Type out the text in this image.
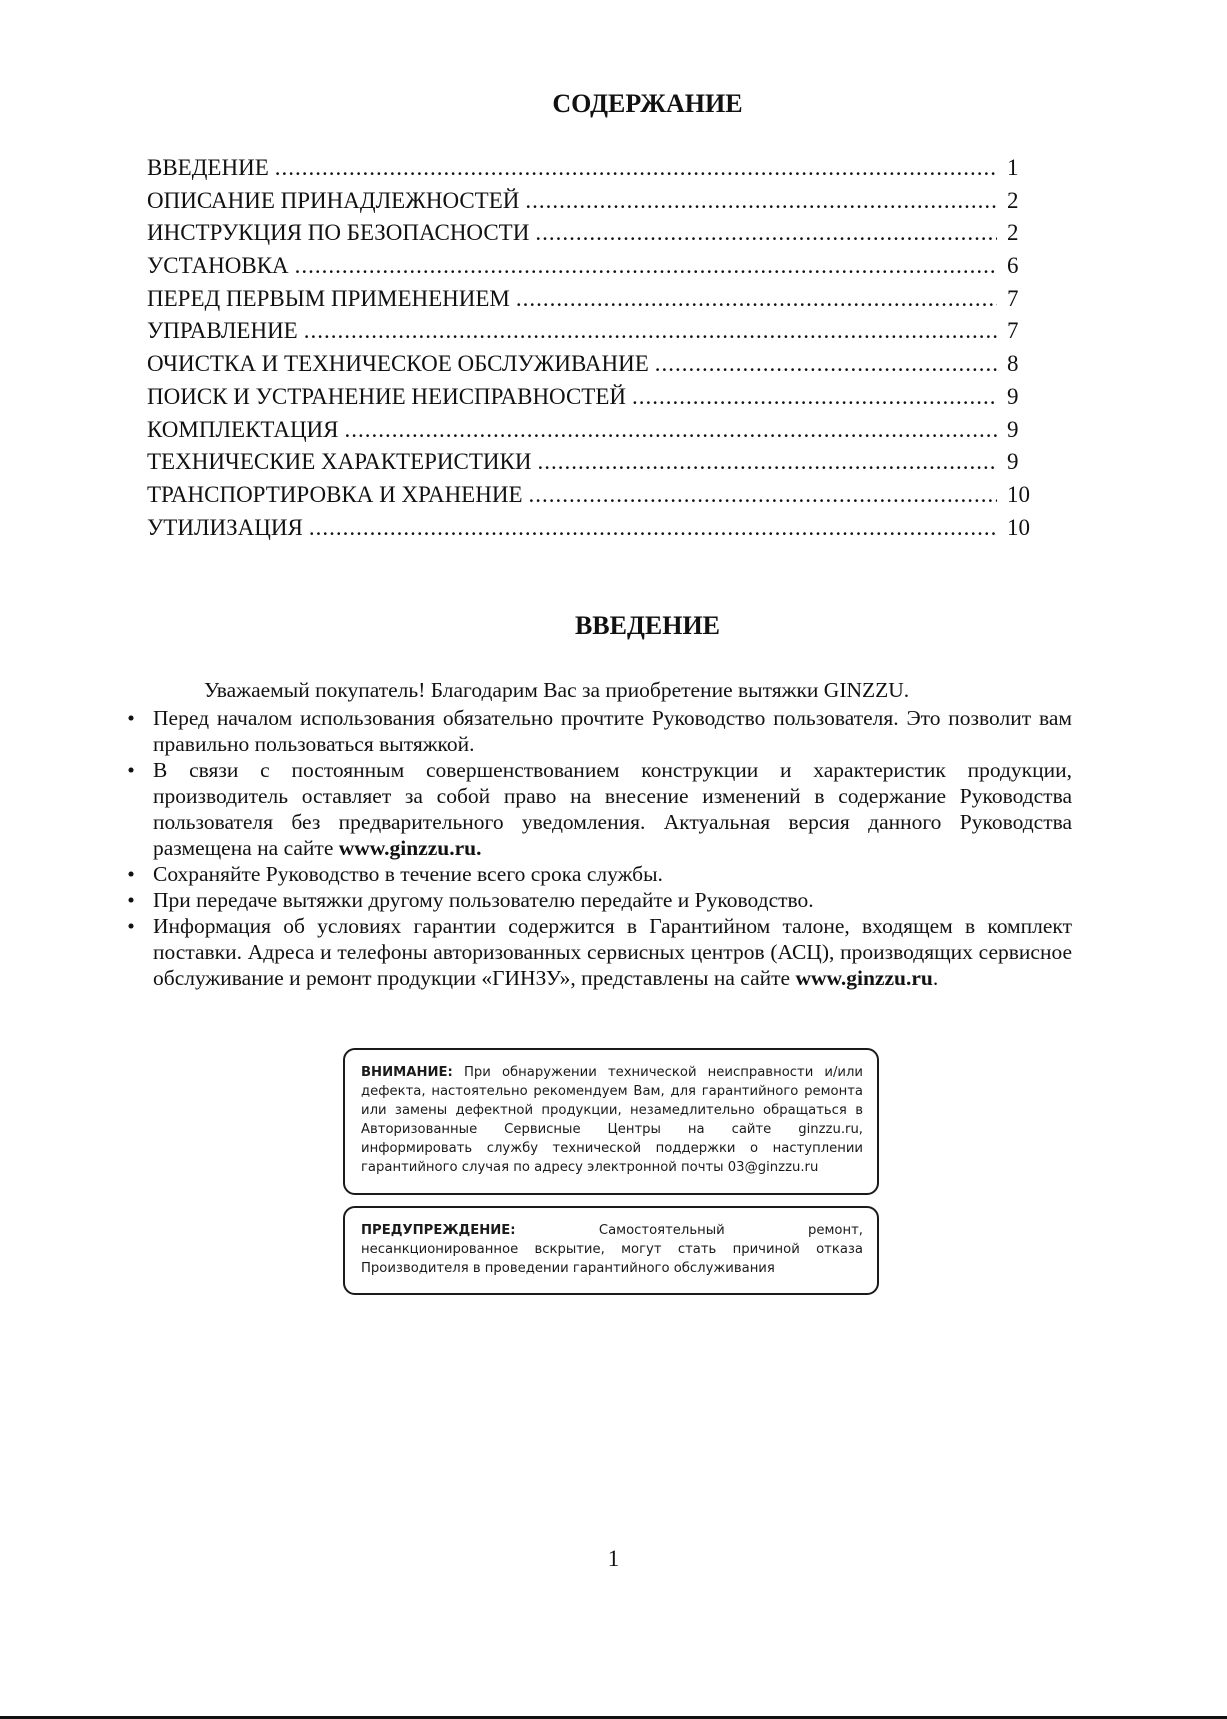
СОДЕРЖАНИЕ
ВВЕДЕНИЕ .....	1
ОПИСАНИЕ ПРИНАДЛЕЖНОСТЕЙ .....	2
ИНСТРУКЦИЯ ПО БЕЗОПАСНОСТИ .....	2
УСТАНОВКА .....	6
ПЕРЕД ПЕРВЫМ ПРИМЕНЕНИЕМ .....	7
УПРАВЛЕНИЕ .....	7
ОЧИСТКА И ТЕХНИЧЕСКОЕ ОБСЛУЖИВАНИЕ .....	8
ПОИСК И УСТРАНЕНИЕ НЕИСПРАВНОСТЕЙ .....	9
КОМПЛЕКТАЦИЯ .....	9
ТЕХНИЧЕСКИЕ ХАРАКТЕРИСТИКИ .....	9
ТРАНСПОРТИРОВКА И ХРАНЕНИЕ .....	10
УТИЛИЗАЦИЯ .....	10
ВВЕДЕНИЕ

Уважаемый покупатель! Благодарим Вас за приобретение вытяжки GINZZU.

• Перед началом использования обязательно прочтите Руководство пользователя. Это позволит вам правильно пользоваться вытяжкой.
• В связи с постоянным совершенствованием конструкции и характеристик продукции, производитель оставляет за собой право на внесение изменений в содержание Руководства пользователя без предварительного уведомления. Актуальная версия данного Руководства размещена на сайте www.ginzzu.ru.
• Сохраняйте Руководство в течение всего срока службы.
• При передаче вытяжки другому пользователю передайте и Руководство.
• Информация об условиях гарантии содержится в Гарантийном талоне, входящем в комплект поставки. Адреса и телефоны авторизованных сервисных центров (АСЦ), производящих сервисное обслуживание и ремонт продукции «ГИНЗУ», представлены на сайте www.ginzzu.ru.
ВНИМАНИЕ: При обнаружении технической неисправности и/или дефекта, настоятельно рекомендуем Вам, для гарантийного ремонта или замены дефектной продукции, незамедлительно обращаться в Авторизованные Сервисные Центры на сайте ginzzu.ru, информировать службу технической поддержки о наступлении гарантийного случая по адресу электронной почты 03@ginzzu.ru
ПРЕДУПРЕЖДЕНИЕ: Самостоятельный ремонт, несанкционированное вскрытие, могут стать причиной отказа Производителя в проведении гарантийного обслуживания
1
